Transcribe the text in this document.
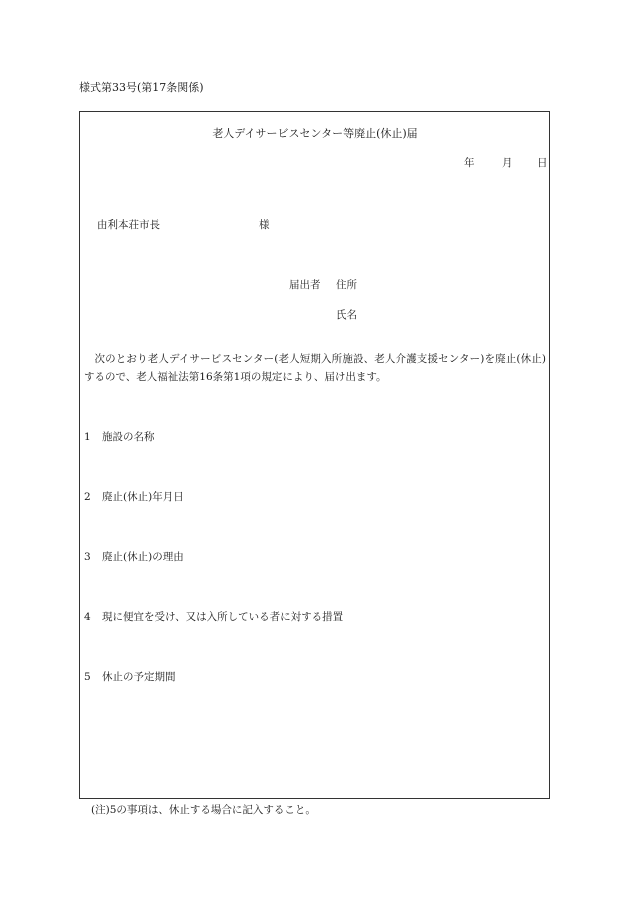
様式第33号(第17条関係)
老人デイサービスセンター等廃止(休止)届
年	月 日
由利本荘市長	様
届出者 住所
氏名
次のとおり老人デイサービスセンター(老人短期入所施設、老人介護支援センター)を廃止(休止)するので、老人福祉法第16条第1項の規定により、届け出ます。
1 施設の名称
2 廃止(休止)年月日
3 廃止(休止)の理由
4 現に便宜を受け、又は入所している者に対する措置
5 休止の予定期間
(注)5の事項は、休止する場合に記入すること。
